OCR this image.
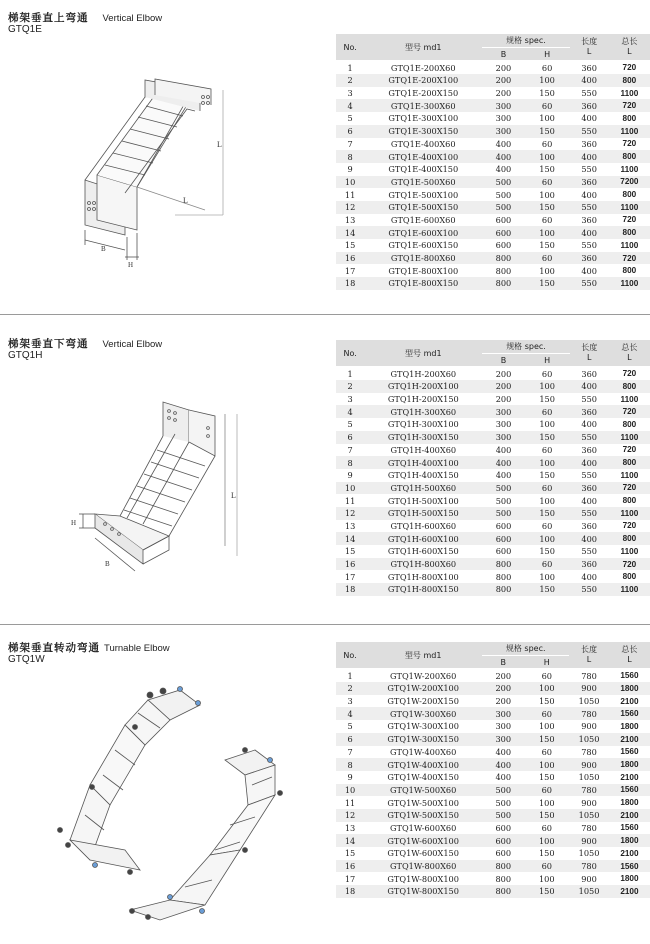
梯架垂直上弯通 Vertical Elbow
GTQ1E
L
L
B
H
No.	型号 md1	规格 spec.		长度
L	总长
L

		B	H		
1	GTQ1E-200X60	200	60	360	720
2	GTQ1E-200X100	200	100	400	800
3	GTQ1E-200X150	200	150	550	1100
4	GTQ1E-300X60	300	60	360	720
5	GTQ1E-300X100	300	100	400	800
6	GTQ1E-300X150	300	150	550	1100
7	GTQ1E-400X60	400	60	360	720
8	GTQ1E-400X100	400	100	400	800
9	GTQ1E-400X150	400	150	550	1100
10	GTQ1E-500X60	500	60	360	7200
11	GTQ1E-500X100	500	100	400	800
12	GTQ1E-500X150	500	150	550	1100
13	GTQ1E-600X60	600	60	360	720
14	GTQ1E-600X100	600	100	400	800
15	GTQ1E-600X150	600	150	550	1100
16	GTQ1E-800X60	800	60	360	720
17	GTQ1E-800X100	800	100	400	800
18	GTQ1E-800X150	800	150	550	1100
梯架垂直下弯通 Vertical Elbow
GTQ1H
L
B
H
No.	型号 md1	规格 spec.		长度
L	总长
L

		B	H		
1	GTQ1H-200X60	200	60	360	720
2	GTQ1H-200X100	200	100	400	800
3	GTQ1H-200X150	200	150	550	1100
4	GTQ1H-300X60	300	60	360	720
5	GTQ1H-300X100	300	100	400	800
6	GTQ1H-300X150	300	150	550	1100
7	GTQ1H-400X60	400	60	360	720
8	GTQ1H-400X100	400	100	400	800
9	GTQ1H-400X150	400	150	550	1100
10	GTQ1H-500X60	500	60	360	720
11	GTQ1H-500X100	500	100	400	800
12	GTQ1H-500X150	500	150	550	1100
13	GTQ1H-600X60	600	60	360	720
14	GTQ1H-600X100	600	100	400	800
15	GTQ1H-600X150	600	150	550	1100
16	GTQ1H-800X60	800	60	360	720
17	GTQ1H-800X100	800	100	400	800
18	GTQ1H-800X150	800	150	550	1100
梯架垂直转动弯通 Turnable Elbow
GTQ1W	No.	型号 md1	规格 spec.		长度
L	总长
L

		B	H		
1	GTQ1W-200X60	200	60	780	1560
2	GTQ1W-200X100	200	100	900	1800
3	GTQ1W-200X150	200	150	1050	2100
4	GTQ1W-300X60	300	60	780	1560
5	GTQ1W-300X100	300	100	900	1800
6	GTQ1W-300X150	300	150	1050	2100
7	GTQ1W-400X60	400	60	780	1560
8	GTQ1W-400X100	400	100	900	1800
9	GTQ1W-400X150	400	150	1050	2100
10	GTQ1W-500X60	500	60	780	1560
11	GTQ1W-500X100	500	100	900	1800
12	GTQ1W-500X150	500	150	1050	2100
13	GTQ1W-600X60	600	60	780	1560
14	GTQ1W-600X100	600	100	900	1800
15	GTQ1W-600X150	600	150	1050	2100
16	GTQ1W-800X60	800	60	780	1560
17	GTQ1W-800X100	800	100	900	1800
18	GTQ1W-800X150	800	150	1050	2100
